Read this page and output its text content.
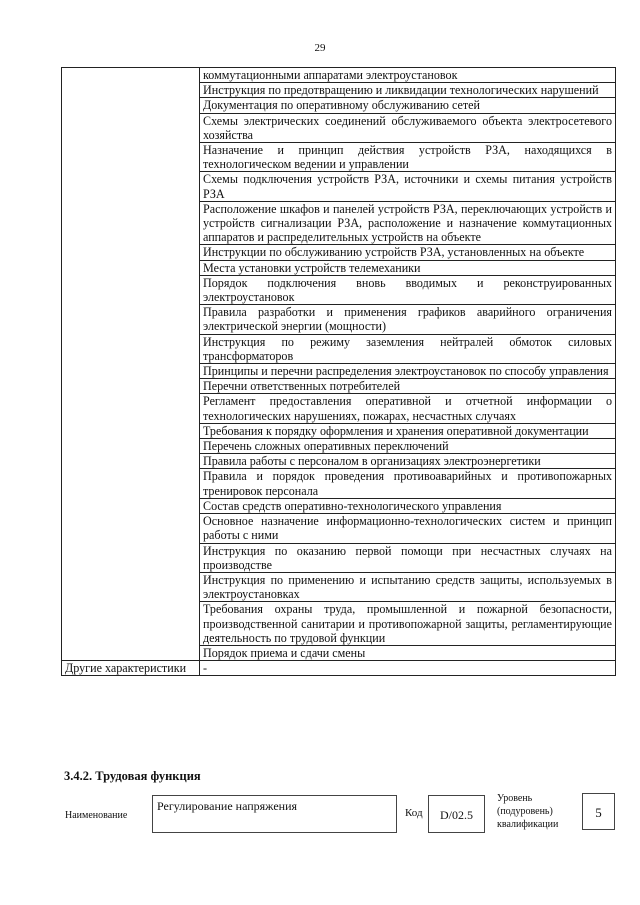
29
	коммутационными аппаратами электроустановок
	Инструкция по предотвращению и ликвидации технологических нарушений
	Документация по оперативному обслуживанию сетей
	Схемы электрических соединений обслуживаемого объекта электросетевого хозяйства
	Назначение и принцип действия устройств РЗА, находящихся в технологическом ведении и управлении
	Схемы подключения устройств РЗА, источники и схемы питания устройств РЗА
	Расположение шкафов и панелей устройств РЗА, переключающих устройств и устройств сигнализации РЗА, расположение и назначение коммутационных аппаратов и распределительных устройств на объекте
	Инструкции по обслуживанию устройств РЗА, установленных на объекте
	Места установки устройств телемеханики
	Порядок подключения вновь вводимых и реконструированных электроустановок
	Правила разработки и применения графиков аварийного ограничения электрической энергии (мощности)
	Инструкция по режиму заземления нейтралей обмоток силовых трансформаторов
	Принципы и перечни распределения электроустановок по способу управления
	Перечни ответственных потребителей
	Регламент предоставления оперативной и отчетной информации о технологических нарушениях, пожарах, несчастных случаях
	Требования к порядку оформления и хранения оперативной документации
	Перечень сложных оперативных переключений
	Правила работы с персоналом в организациях электроэнергетики
	Правила и порядок проведения противоаварийных и противопожарных тренировок персонала
	Состав средств оперативно-технологического управления
	Основное назначение информационно-технологических систем и принцип работы с ними
	Инструкция по оказанию первой помощи при несчастных случаях на производстве
	Инструкция по применению и испытанию средств защиты, используемых в электроустановках
	Требования охраны труда, промышленной и пожарной безопасности, производственной санитарии и противопожарной защиты, регламентирующие деятельность по трудовой функции
	Порядок приема и сдачи смены
Другие характеристики	-
3.4.2. Трудовая функция
Наименование
Регулирование напряжения	Код	D/02.5
Уровень
(подуровень)
квалификации
5
